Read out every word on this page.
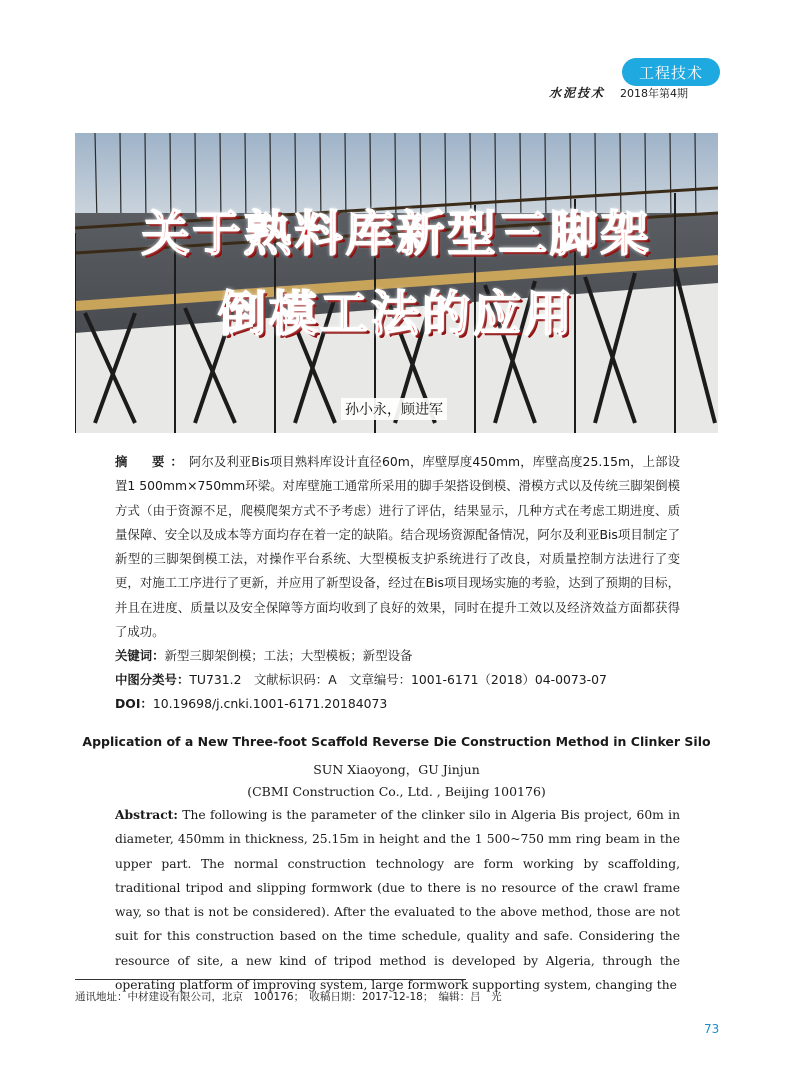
工程技术
水泥技术 2018年第4期
关于熟料库新型三脚架
倒模工法的应用
孙小永，顾进军
摘　要：阿尔及利亚Bis项目熟料库设计直径60m，库壁厚度450mm，库壁高度25.15m，上部设置1 500mm×750mm环梁。对库壁施工通常所采用的脚手架搭设倒模、滑模方式以及传统三脚架倒模方式（由于资源不足，爬模爬架方式不予考虑）进行了评估，结果显示，几种方式在考虑工期进度、质量保障、安全以及成本等方面均存在着一定的缺陷。结合现场资源配备情况，阿尔及利亚Bis项目制定了新型的三脚架倒模工法，对操作平台系统、大型模板支护系统进行了改良，对质量控制方法进行了变更，对施工工序进行了更新，并应用了新型设备，经过在Bis项目现场实施的考验，达到了预期的目标，并且在进度、质量以及安全保障等方面均收到了良好的效果，同时在提升工效以及经济效益方面都获得了成功。
关键词：新型三脚架倒模；工法；大型模板；新型设备
中图分类号：TU731.2　文献标识码：A　文章编号：1001-6171（2018）04-0073-07
DOI：10.19698/j.cnki.1001-6171.20184073
Application of a New Three-foot Scaffold Reverse Die Construction Method in Clinker Silo
SUN Xiaoyong，GU Jinjun
(CBMI Construction Co., Ltd. , Beijing 100176)
Abstract: The following is the parameter of the clinker silo in Algeria Bis project, 60m in diameter, 450mm in thickness, 25.15m in height and the 1 500~750 mm ring beam in the upper part. The normal construction technology are form working by scaffolding, traditional tripod and slipping formwork (due to there is no resource of the crawl frame way, so that is not be considered). After the evaluated to the above method, those are not suit for this construction based on the time schedule, quality and safe. Considering the resource of site, a new kind of tripod method is developed by Algeria, through the operating platform of improving system, large formwork supporting system, changing the
通讯地址：中材建设有限公司，北京　100176；　收稿日期：2017-12-18；　编辑：吕　光
73
